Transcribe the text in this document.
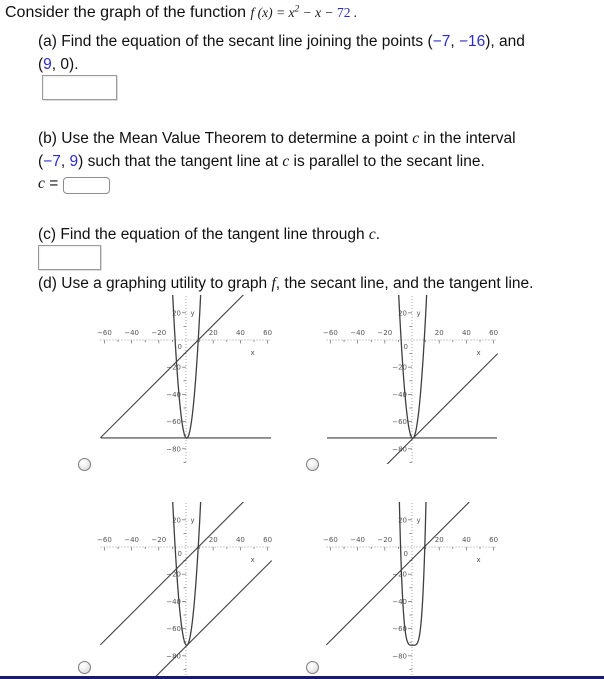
Consider the graph of the function f $(x) = x^2 - x - 72$ .
(a) Find the equation of the secant line joining the points (−7, −16), and
(9, 0).
(b) Use the Mean Value Theorem to determine a point c in the interval
(−7, 9) such that the tangent line at c is parallel to the secant line.
c =
(c) Find the equation of the tangent line through c.
(d) Use a graphing utility to graph f, the secant line, and the tangent line.
−60 −40 −20	20	40	60
20
−20
−40
−60
−80
0
x
y
−60 −40 −20	20	40	60
20
−20
−40
−60
−80
0
x
y
−60 −40 −20	20	40	60
20
−20
−40
−60
−80
0
x
y
−60 −40 −20	20	40	60
20
−20
−40
−60
−80
0
x
y
